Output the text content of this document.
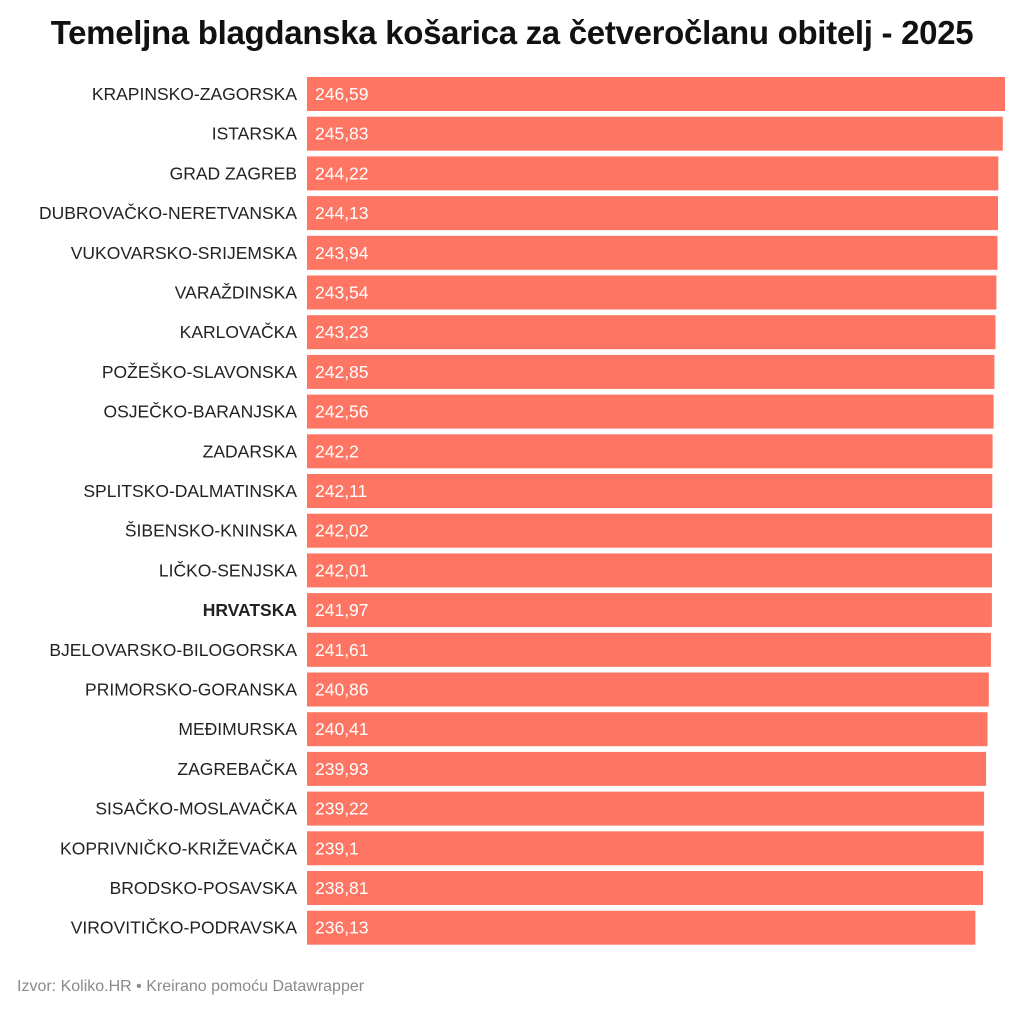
Temeljna blagdanska košarica za četveročlanu obitelj - 2025
KRAPINSKO-ZAGORSKA 246,59
ISTARSKA 245,83
GRAD ZAGREB 244,22
DUBROVAČKO-NERETVANSKA 244,13
VUKOVARSKO-SRIJEMSKA 243,94
VARAŽDINSKA 243,54
KARLOVAČKA 243,23
POŽEŠKO-SLAVONSKA 242,85
OSJEČKO-BARANJSKA 242,56
ZADARSKA 242,2
SPLITSKO-DALMATINSKA 242,11
ŠIBENSKO-KNINSKA 242,02
LIČKO-SENJSKA 242,01
HRVATSKA 241,97
BJELOVARSKO-BILOGORSKA 241,61
PRIMORSKO-GORANSKA 240,86
MEĐIMURSKA 240,41
ZAGREBAČKA 239,93
SISAČKO-MOSLAVAČKA 239,22
KOPRIVNIČKO-KRIŽEVAČKA 239,1
BRODSKO-POSAVSKA 238,81
VIROVITIČKO-PODRAVSKA 236,13
Izvor: Koliko.HR • Kreirano pomoću Datawrapper
